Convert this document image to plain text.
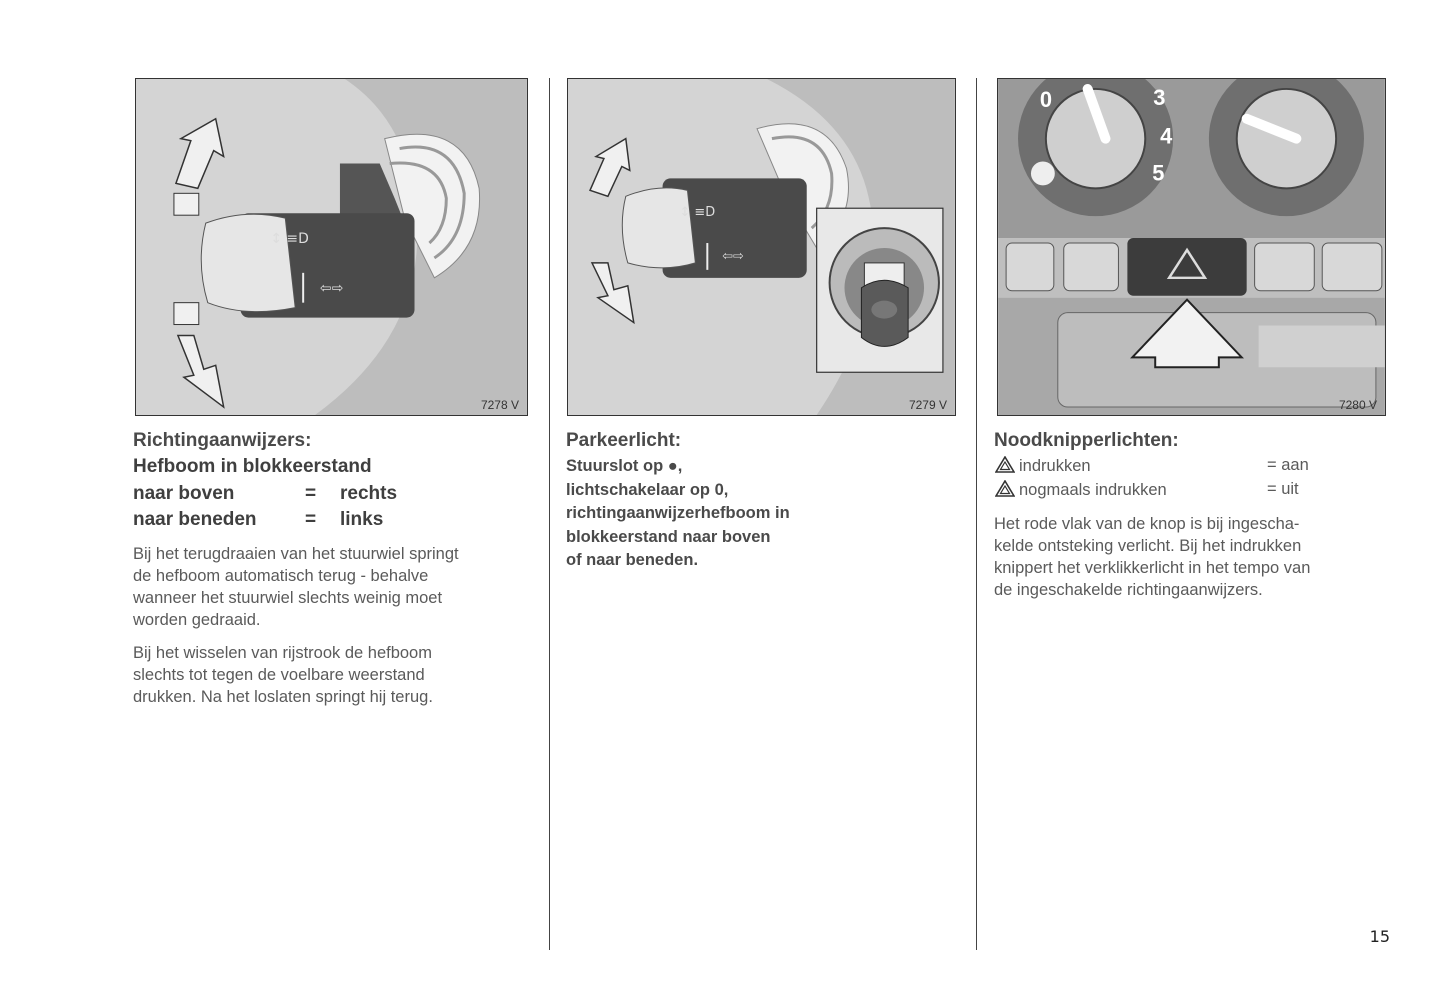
↕ ≡D
⇦⇨
7278 V
Richtingaanwijzers:
Hefboom in blokkeerstand
naar boven	= rechts
naar beneden	= links
Bij het terugdraaien van het stuurwiel springt
de hefboom automatisch terug - behalve
wanneer het stuurwiel slechts weinig moet
worden gedraaid.
Bij het wisselen van rijstrook de hefboom
slechts tot tegen de voelbare weerstand
drukken. Na het loslaten springt hij terug.
↕ ≡D
⇦⇨
7279 V
Parkeerlicht:
Stuurslot op ●,
lichtschakelaar op 0,
richtingaanwijzerhefboom in
blokkeerstand naar boven
of naar beneden.
0	3
4
5
7280 V
Noodknipperlichten:
indrukken	= aan
nogmaals indrukken	= uit
Het rode vlak van de knop is bij ingescha-
kelde ontsteking verlicht. Bij het indrukken
knippert het verklikkerlicht in het tempo van
de ingeschakelde richtingaanwijzers.
15
